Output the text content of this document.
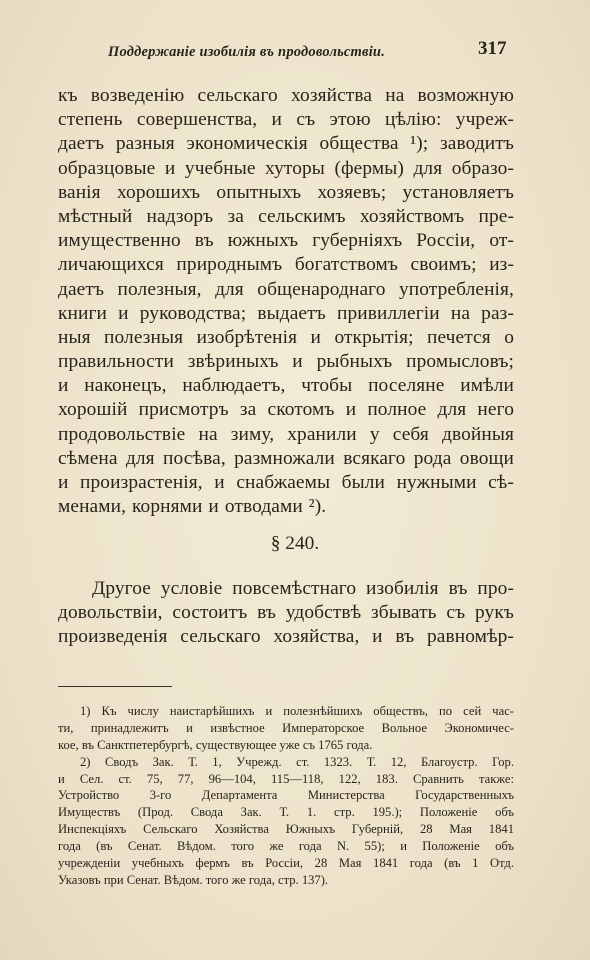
Поддержаніе изобилія въ продовольствіи.	317
къ возведенію сельскаго хозяйства на возможную
степень совершенства, и съ этою цѣлію: учреж-
даетъ разныя экономическія общества ¹); заводитъ
образцовые и учебные хуторы (фермы) для образо-
ванія хорошихъ опытныхъ хозяевъ; установляетъ
мѣстный надзоръ за сельскимъ хозяйствомъ пре-
имущественно въ южныхъ губерніяхъ Россіи, от-
личающихся природнымъ богатствомъ своимъ; из-
даетъ полезныя, для общенароднаго употребленія,
книги и руководства; выдаетъ привиллегіи на раз-
ныя полезныя изобрѣтенія и открытія; печется о
правильности звѣриныхъ и рыбныхъ промысловъ;
и наконецъ, наблюдаетъ, чтобы поселяне имѣли
хорошій присмотръ за скотомъ и полное для него
продовольствіе на зиму, хранили у себя двойныя
сѣмена для посѣва, размножали всякаго рода овощи
и произрастенія, и снабжаемы были нужными сѣ-
менами, корнями и отводами ²).
§ 240.
Другое условіе повсемѣстнаго изобилія въ про-
довольствіи, состоитъ въ удобствѣ збывать съ рукъ
произведенія сельскаго хозяйства, и въ равномѣр-
1) Къ числу наистарѣйшихъ и полезнѣйшихъ обществъ, по сей час-
ти, принадлежитъ и извѣстное Императорское Вольное Экономичес-
кое, въ Санктпетербургѣ, существующее уже съ 1765 года.
2) Сводъ Зак. Т. 1, Учрежд. ст. 1323. Т. 12, Благоустр. Гор.
и Сел. ст. 75, 77, 96—104, 115—118, 122, 183. Сравнить также:
Устройство 3-го Департамента Министерства Государственныхъ
Имуществъ (Прод. Свода Зак. Т. 1. стр. 195.); Положеніе объ
Инспекціяхъ Сельскаго Хозяйства Южныхъ Губерній, 28 Мая 1841
года (въ Сенат. Вѣдом. того же года N. 55); и Положеніе объ
учрежденіи учебныхъ фермъ въ Россіи, 28 Мая 1841 года (въ 1 Отд.
Указовъ при Сенат. Вѣдом. того же года, стр. 137).
